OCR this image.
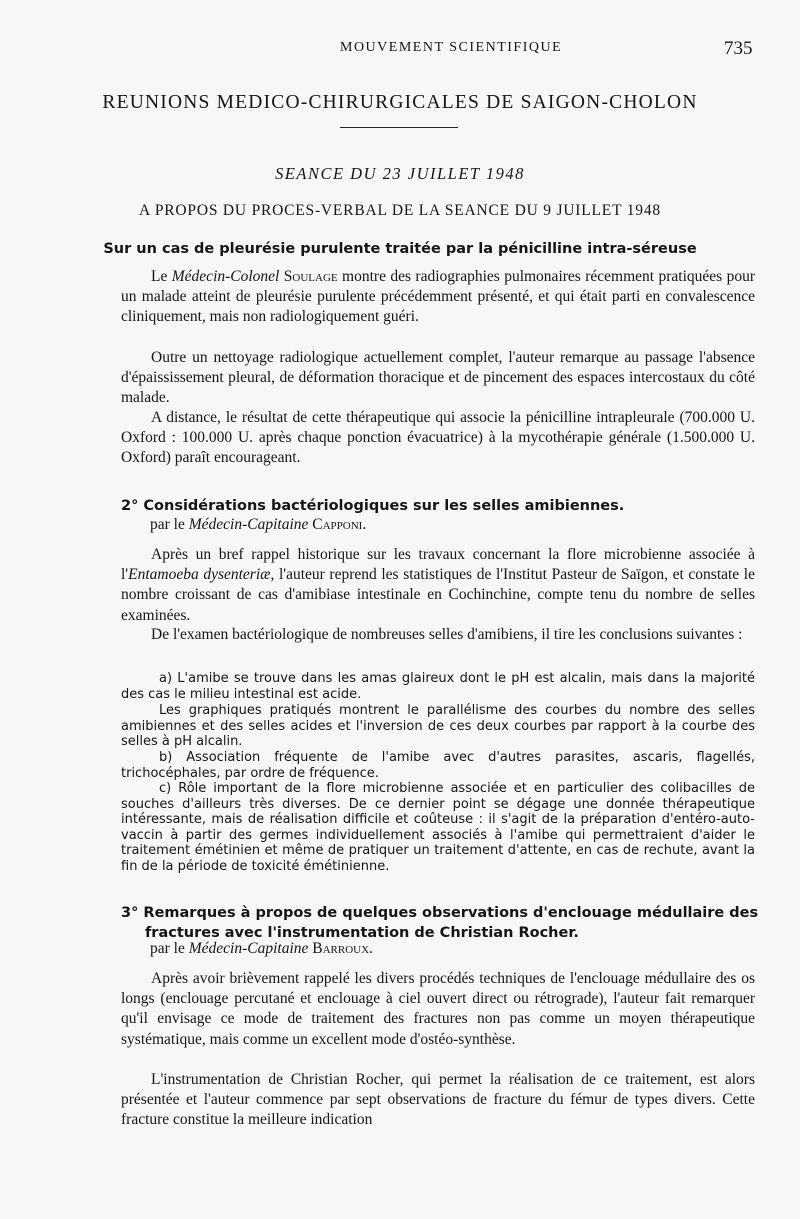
MOUVEMENT SCIENTIFIQUE	735
REUNIONS MEDICO-CHIRURGICALES DE SAIGON-CHOLON
SEANCE DU 23 JUILLET 1948
A PROPOS DU PROCES-VERBAL DE LA SEANCE DU 9 JUILLET 1948
Sur un cas de pleurésie purulente traitée par la pénicilline intra-séreuse

Le Médecin-Colonel Soulage montre des radiographies pulmonaires récemment pratiquées pour un malade atteint de pleurésie purulente précédemment présenté, et qui était parti en convalescence cliniquement, mais non radiologiquement guéri.

Outre un nettoyage radiologique actuellement complet, l'auteur remarque au passage l'absence d'épaississement pleural, de déformation thoracique et de pincement des espaces intercostaux du côté malade.

A distance, le résultat de cette thérapeutique qui associe la pénicilline intrapleurale (700.000 U. Oxford : 100.000 U. après chaque ponction évacuatrice) à la mycothérapie générale (1.500.000 U. Oxford) paraît encourageant.

2° Considérations bactériologiques sur les selles amibiennes.
par le Médecin-Capitaine Capponi.

Après un bref rappel historique sur les travaux concernant la flore microbienne associée à l'Entamoeba dysenteriæ, l'auteur reprend les statistiques de l'Institut Pasteur de Saïgon, et constate le nombre croissant de cas d'amibiase intestinale en Cochinchine, compte tenu du nombre de selles examinées.

De l'examen bactériologique de nombreuses selles d'amibiens, il tire les conclusions suivantes :

a) L'amibe se trouve dans les amas glaireux dont le pH est alcalin, mais dans la majorité des cas le milieu intestinal est acide.

Les graphiques pratiqués montrent le parallélisme des courbes du nombre des selles amibiennes et des selles acides et l'inversion de ces deux courbes par rapport à la courbe des selles à pH alcalin.

b) Association fréquente de l'amibe avec d'autres parasites, ascaris, flagellés, trichocéphales, par ordre de fréquence.

c) Rôle important de la flore microbienne associée et en particulier des colibacilles de souches d'ailleurs très diverses. De ce dernier point se dégage une donnée thérapeutique intéressante, mais de réalisation difficile et coûteuse : il s'agit de la préparation d'entéro-auto-vaccin à partir des germes individuellement associés à l'amibe qui permettraient d'aider le traitement émétinien et même de pratiquer un traitement d'attente, en cas de rechute, avant la fin de la période de toxicité émétinienne.

3° Remarques à propos de quelques observations d'enclouage médullaire des fractures avec l'instrumentation de Christian Rocher.
par le Médecin-Capitaine Barroux.

Après avoir brièvement rappelé les divers procédés techniques de l'enclouage médullaire des os longs (enclouage percutané et enclouage à ciel ouvert direct ou rétrograde), l'auteur fait remarquer qu'il envisage ce mode de traitement des fractures non pas comme un moyen thérapeutique systématique, mais comme un excellent mode d'ostéo-synthèse.

L'instrumentation de Christian Rocher, qui permet la réalisation de ce traitement, est alors présentée et l'auteur commence par sept observations de fracture du fémur de types divers. Cette fracture constitue la meilleure indication
